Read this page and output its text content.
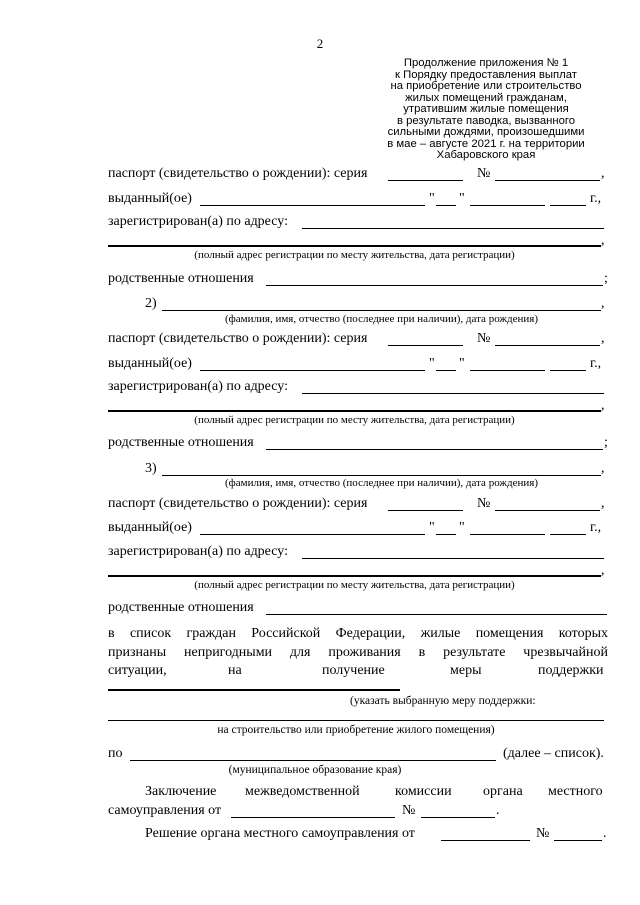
2
Продолжение приложения № 1
к Порядку предоставления выплат
на приобретение или строительство
жилых помещений гражданам,
утратившим жилые помещения
в результате паводка, вызванного
сильными дождями, произошедшими
в мае – августе 2021 г. на территории
Хабаровского края
паспорт (свидетельство о рождении): серия	№	,
выданный(ое)	" "	г.,
зарегистрирован(а) по адресу:
,
(полный адрес регистрации по месту жительства, дата регистрации)
родственные отношения	;
2)	,
(фамилия, имя, отчество (последнее при наличии), дата рождения)
паспорт (свидетельство о рождении): серия	№	,
выданный(ое)	" "	г.,
зарегистрирован(а) по адресу:
,
(полный адрес регистрации по месту жительства, дата регистрации)
родственные отношения	;
3)	,
(фамилия, имя, отчество (последнее при наличии), дата рождения)
паспорт (свидетельство о рождении): серия	№	,
выданный(ое)	" "	г.,
зарегистрирован(а) по адресу:
,
(полный адрес регистрации по месту жительства, дата регистрации)
родственные отношения
в список граждан Российской Федерации, жилые помещения которых
признаны непригодными для проживания в результате чрезвычайной
ситуации,	на	получение	меры	поддержки
(указать выбранную меру поддержки:
на строительство или приобретение жилого помещения)
по	(далее – список).
(муниципальное образование края)
Заключение межведомственной	комиссии органа местного
самоуправления от	№	.
Решение органа местного самоуправления от	№	.
